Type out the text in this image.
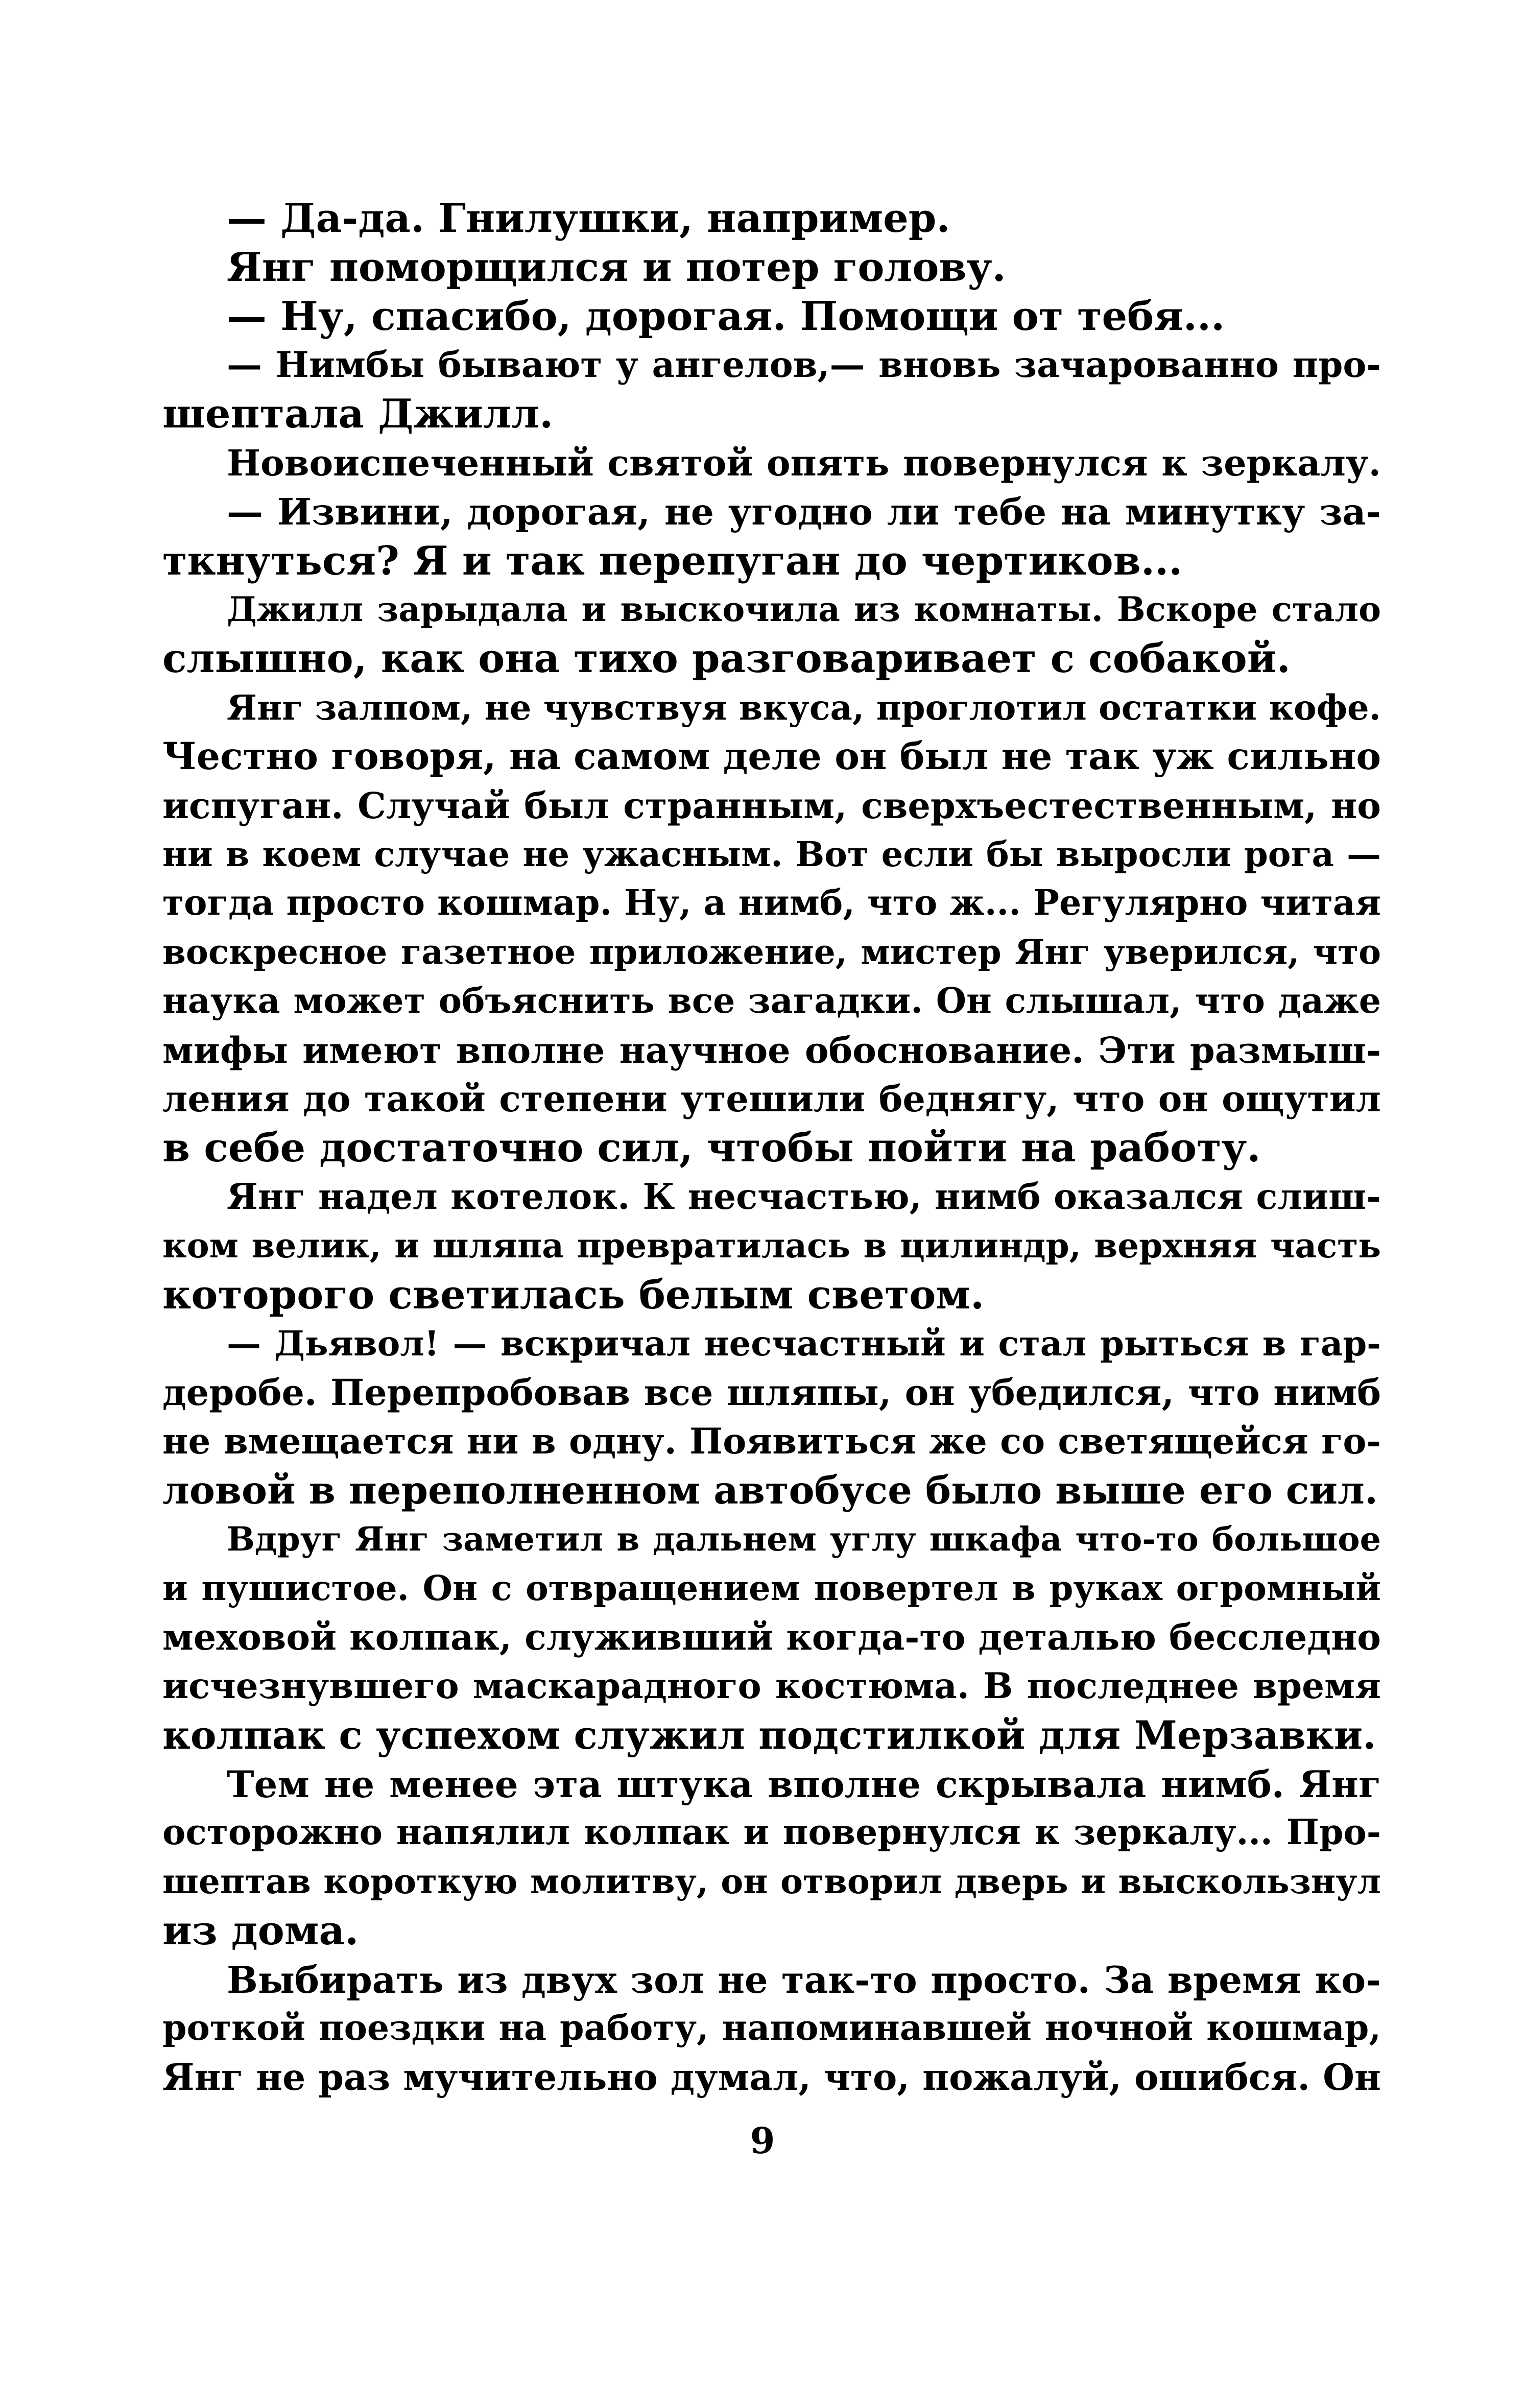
— Да-да. Гнилушки, например.
Янг поморщился и потер голову.
— Ну, спасибо, дорогая. Помощи от тебя...
— Нимбы бывают у ангелов,— вновь зачарованно про-
шептала Джилл.
Новоиспеченный святой опять повернулся к зеркалу.
— Извини, дорогая, не угодно ли тебе на минутку за-
ткнуться? Я и так перепуган до чертиков...
Джилл зарыдала и выскочила из комнаты. Вскоре стало
слышно, как она тихо разговаривает с собакой.
Янг залпом, не чувствуя вкуса, проглотил остатки кофе.
Честно говоря, на самом деле он был не так уж сильно
испуган. Случай был странным, сверхъестественным, но
ни в коем случае не ужасным. Вот если бы выросли рога —
тогда просто кошмар. Ну, а нимб, что ж... Регулярно читая
воскресное газетное приложение, мистер Янг уверился, что
наука может объяснить все загадки. Он слышал, что даже
мифы имеют вполне научное обоснование. Эти размыш-
ления до такой степени утешили беднягу, что он ощутил
в себе достаточно сил, чтобы пойти на работу.
Янг надел котелок. К несчастью, нимб оказался слиш-
ком велик, и шляпа превратилась в цилиндр, верхняя часть
которого светилась белым светом.
— Дьявол! — вскричал несчастный и стал рыться в гар-
деробе. Перепробовав все шляпы, он убедился, что нимб
не вмещается ни в одну. Появиться же со светящейся го-
ловой в переполненном автобусе было выше его сил.
Вдруг Янг заметил в дальнем углу шкафа что-то большое
и пушистое. Он с отвращением повертел в руках огромный
меховой колпак, служивший когда-то деталью бесследно
исчезнувшего маскарадного костюма. В последнее время
колпак с успехом служил подстилкой для Мерзавки.
Тем не менее эта штука вполне скрывала нимб. Янг
осторожно напялил колпак и повернулся к зеркалу... Про-
шептав короткую молитву, он отворил дверь и выскользнул
из дома.
Выбирать из двух зол не так-то просто. За время ко-
роткой поездки на работу, напоминавшей ночной кошмар,
Янг не раз мучительно думал, что, пожалуй, ошибся. Он
9
